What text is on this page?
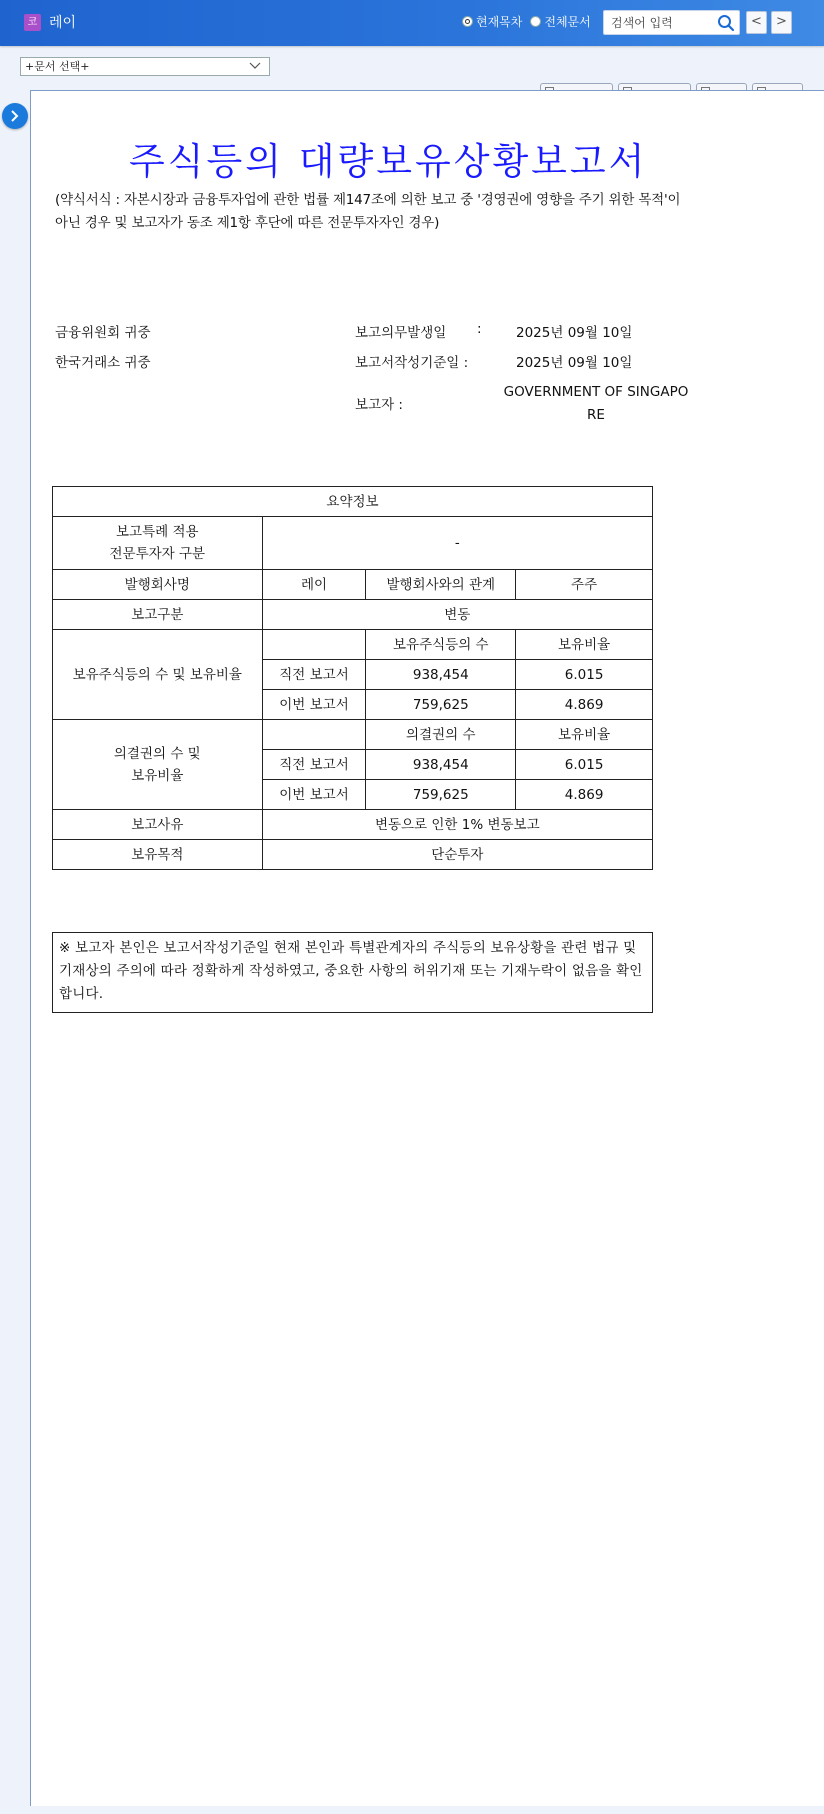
코 레이	현재목차 전체문서
검색어 입력	<	>
+문서 선택+
주식등의 대량보유상황보고서
(약식서식 : 자본시장과 금융투자업에 관한 법률 제147조에 의한 보고 중 '경영권에 영향을 주기 위한 목적'이 아닌 경우 및 보고자가 동조 제1항 후단에 따른 전문투자자인 경우)
금융위원회 귀중
한국거래소 귀중
보고의무발생일 :	2025년 09월 10일
보고서작성기준일 :	2025년 09월 10일
보고자 :
GOVERNMENT OF SINGAPORE
요약정보			
보고특례 적용
전문투자자 구분	-		
발행회사명	레이	발행회사와의 관계	주주
보고구분	변동		
보유주식등의 수 및 보유비율		보유주식등의 수	보유비율
	직전 보고서	938,454	6.015
	이번 보고서	759,625	4.869
의결권의 수 및
보유비율		의결권의 수	보유비율
	직전 보고서	938,454	6.015
	이번 보고서	759,625	4.869
보고사유	변동으로 인한 1% 변동보고		
보유목적	단순투자		
※ 보고자 본인은 보고서작성기준일 현재 본인과 특별관계자의 주식등의 보유상황을 관련 법규 및 기재상의 주의에 따라 정확하게 작성하였고, 중요한 사항의 허위기재 또는 기재누락이 없음을 확인합니다.
